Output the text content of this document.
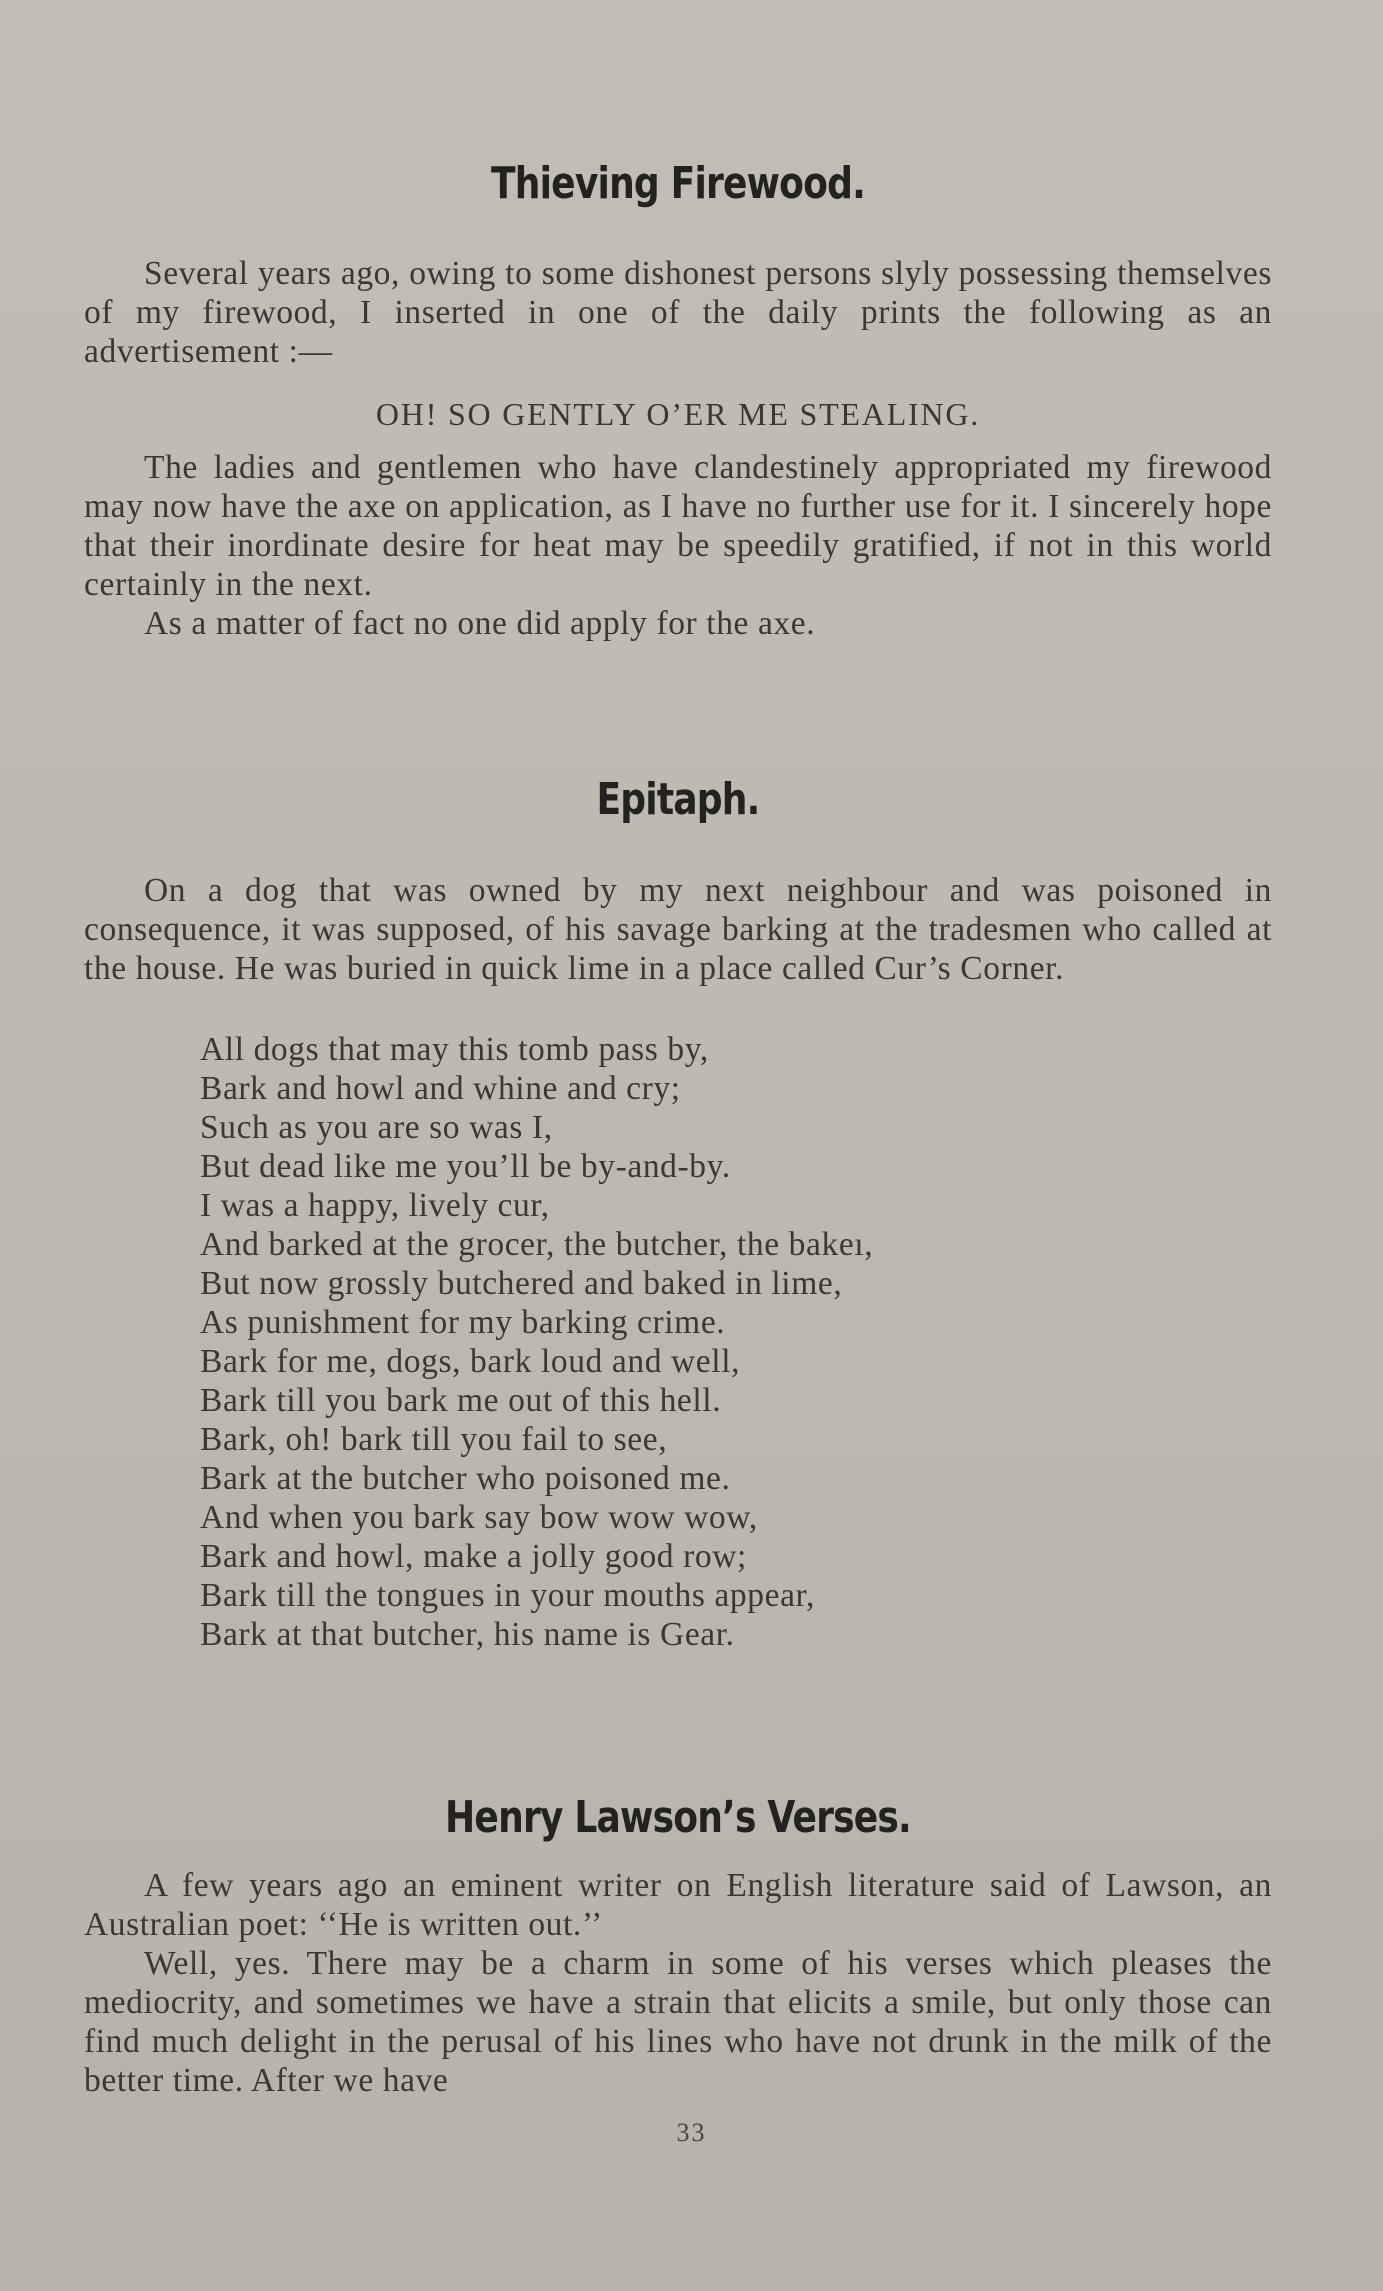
Thieving Firewood.

Several years ago, owing to some dishonest persons slyly possessing themselves of my firewood, I inserted in one of the daily prints the following as an advertisement :—

OH! SO GENTLY O’ER ME STEALING.

The ladies and gentlemen who have clandestinely appropriated my firewood may now have the axe on application, as I have no further use for it. I sincerely hope that their inordinate desire for heat may be speedily gratified, if not in this world certainly in the next.

As a matter of fact no one did apply for the axe.

Epitaph.

On a dog that was owned by my next neighbour and was poisoned in consequence, it was supposed, of his savage barking at the tradesmen who called at the house. He was buried in quick lime in a place called Cur’s Corner.

All dogs that may this tomb pass by,
Bark and howl and whine and cry;
Such as you are so was I,
But dead like me you’ll be by-and-by.
I was a happy, lively cur,
And barked at the grocer, the butcher, the bakeı,
But now grossly butchered and baked in lime,
As punishment for my barking crime.
Bark for me, dogs, bark loud and well,
Bark till you bark me out of this hell.
Bark, oh! bark till you fail to see,
Bark at the butcher who poisoned me.
And when you bark say bow wow wow,
Bark and howl, make a jolly good row;
Bark till the tongues in your mouths appear,
Bark at that butcher, his name is Gear.
Henry Lawson’s Verses.

A few years ago an eminent writer on English literature said of Lawson, an Australian poet: ‘‘He is written out.’’

Well, yes. There may be a charm in some of his verses which pleases the mediocrity, and sometimes we have a strain that elicits a smile, but only those can find much delight in the perusal of his lines who have not drunk in the milk of the better time. After we have

33
